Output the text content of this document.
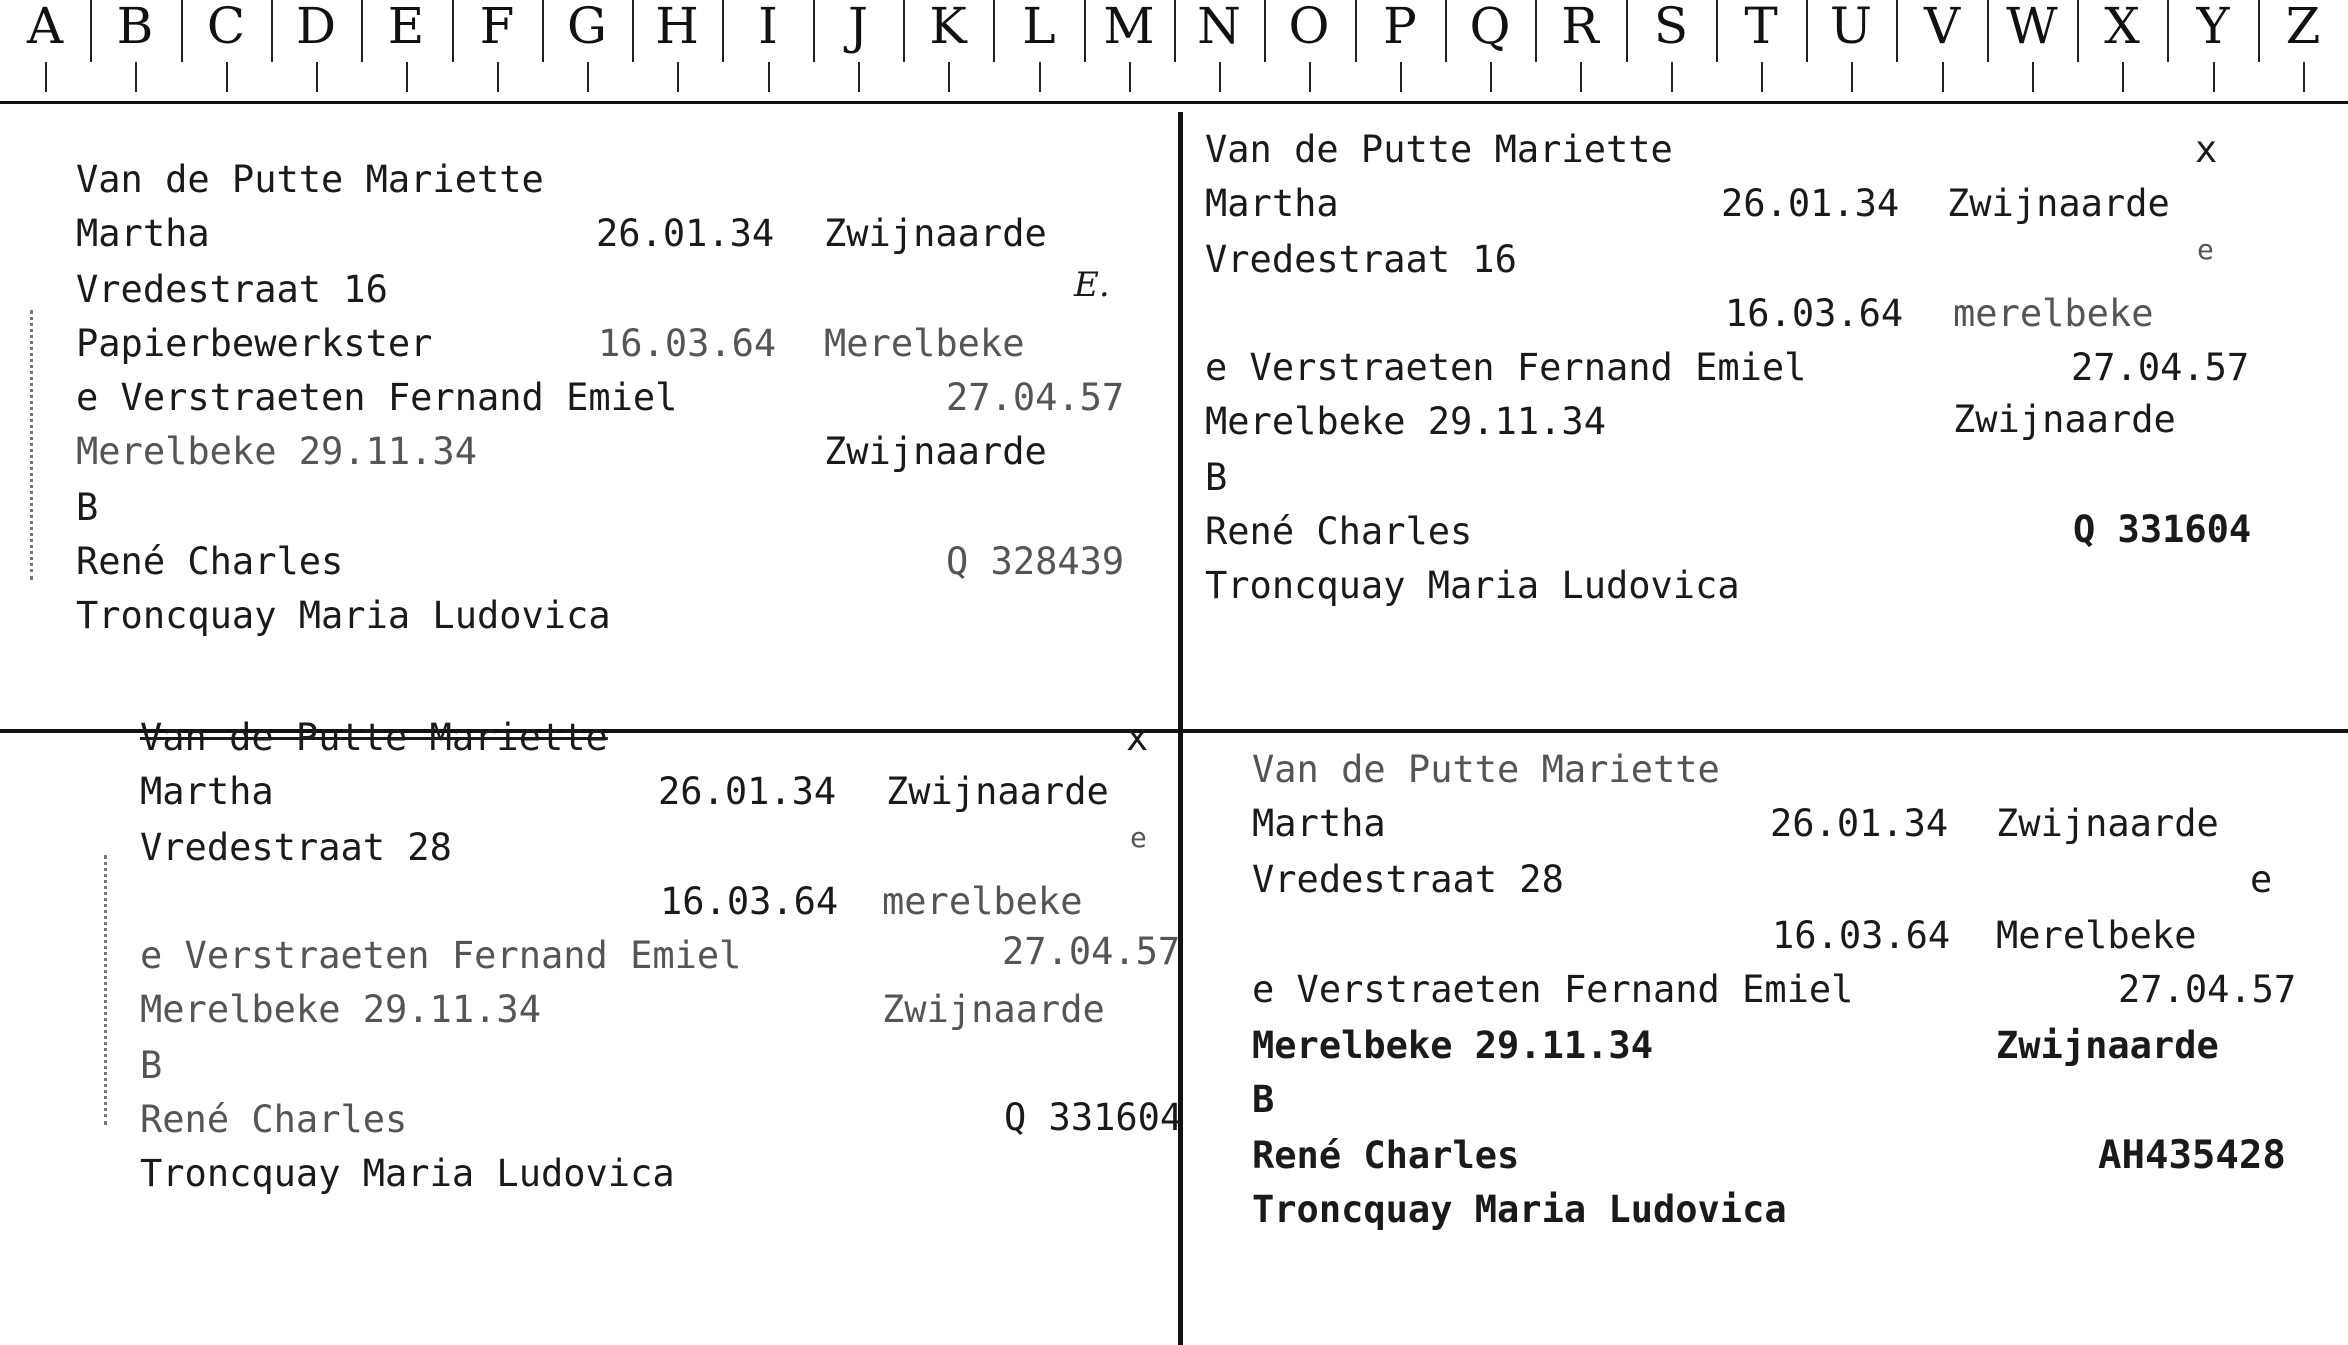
A B C D E F G H I J K L M N O P Q R S T U V W X Y Z
Van de Putte Mariette
Martha	26.01.34 Zwijnaarde
Vredestraat 16	E.
Papierbewerkster	16.03.64 Merelbeke
e Verstraeten Fernand Emiel	27.04.57
Merelbeke 29.11.34	Zwijnaarde
B
René Charles	Q 328439
Troncquay Maria Ludovica
Van de Putte Mariette	x
Martha	26.01.34 Zwijnaarde
Vredestraat 16	e
16.03.64 merelbeke
e Verstraeten Fernand Emiel	27.04.57
Merelbeke 29.11.34	Zwijnaarde
B
René Charles	Q 331604
Troncquay Maria Ludovica
Van de Putte Mariette	x
Martha	26.01.34 Zwijnaarde
Vredestraat 28	e
16.03.64 merelbeke
e Verstraeten Fernand Emiel	27.04.57
Merelbeke 29.11.34	Zwijnaarde
B
René Charles	Q 331604
Troncquay Maria Ludovica
Van de Putte Mariette
Martha	26.01.34 Zwijnaarde
Vredestraat 28	e
16.03.64 Merelbeke
e Verstraeten Fernand Emiel	27.04.57
Merelbeke 29.11.34	Zwijnaarde
B
René Charles	AH435428
Troncquay Maria Ludovica
